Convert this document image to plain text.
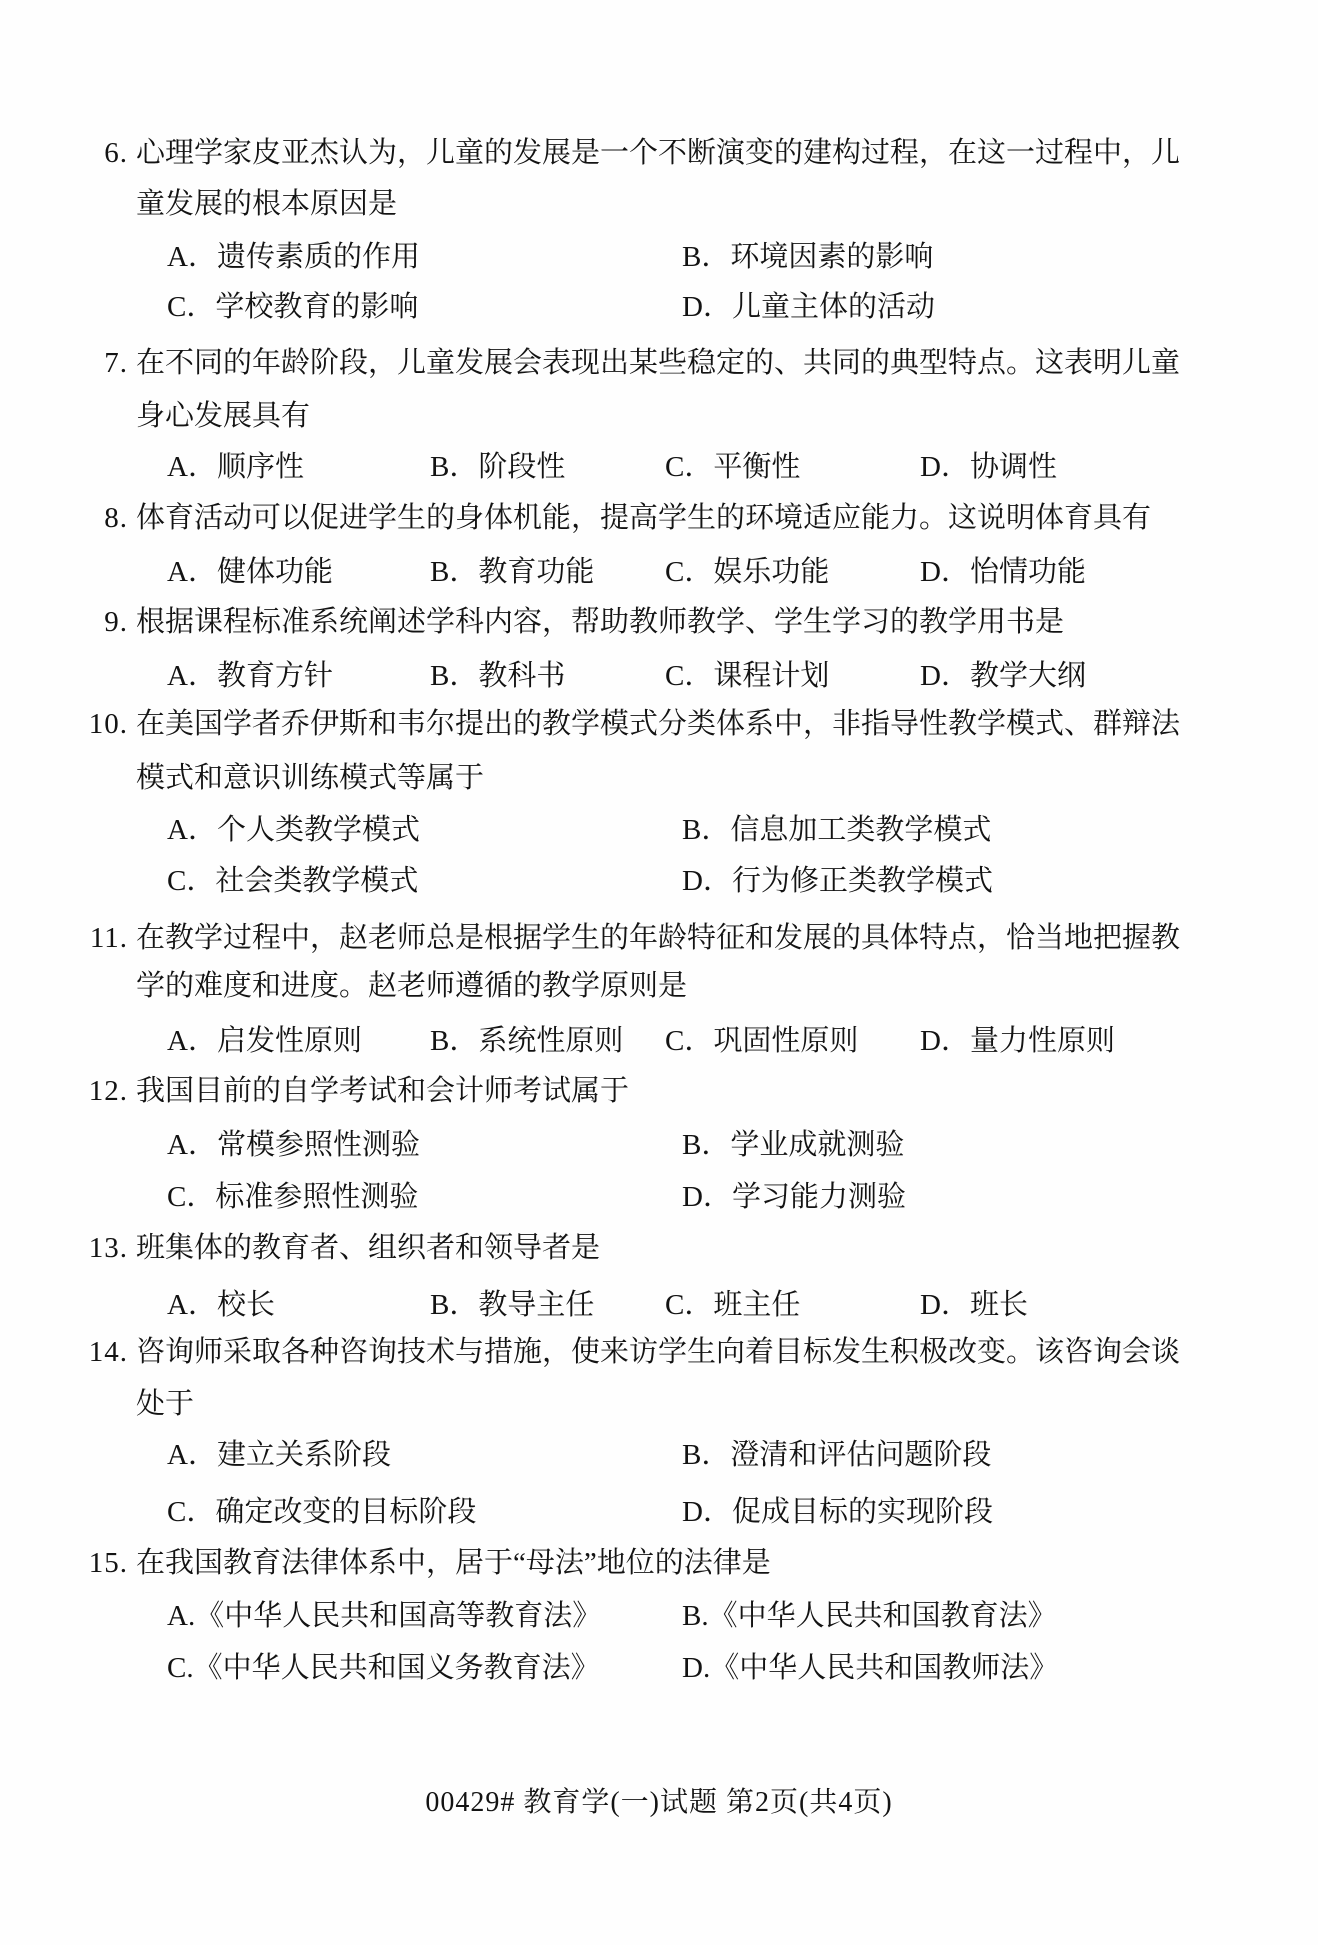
6. 心理学家皮亚杰认为，儿童的发展是一个不断演变的建构过程，在这一过程中，儿
童发展的根本原因是
A．遗传素质的作用	B．环境因素的影响
C．学校教育的影响	D．儿童主体的活动
7. 在不同的年龄阶段，儿童发展会表现出某些稳定的、共同的典型特点。这表明儿童
身心发展具有
A．顺序性	B．阶段性	C．平衡性	D．协调性
8. 体育活动可以促进学生的身体机能，提高学生的环境适应能力。这说明体育具有
A．健体功能	B．教育功能 C．娱乐功能	D．怡情功能
9. 根据课程标准系统阐述学科内容，帮助教师教学、学生学习的教学用书是
A．教育方针	B．教科书	C．课程计划	D．教学大纲
10. 在美国学者乔伊斯和韦尔提出的教学模式分类体系中，非指导性教学模式、群辩法
模式和意识训练模式等属于
A．个人类教学模式	B．信息加工类教学模式
C．社会类教学模式	D．行为修正类教学模式
11. 在教学过程中，赵老师总是根据学生的年龄特征和发展的具体特点，恰当地把握教
学的难度和进度。赵老师遵循的教学原则是
A．启发性原则 B．系统性原则 C．巩固性原则 D．量力性原则
12. 我国目前的自学考试和会计师考试属于
A．常模参照性测验	B．学业成就测验
C．标准参照性测验	D．学习能力测验
13. 班集体的教育者、组织者和领导者是
A．校长	B．教导主任 C．班主任	D．班长
14. 咨询师采取各种咨询技术与措施，使来访学生向着目标发生积极改变。该咨询会谈
处于
A．建立关系阶段	B．澄清和评估问题阶段
C．确定改变的目标阶段	D．促成目标的实现阶段
15. 在我国教育法律体系中，居于“母法”地位的法律是
A.《中华人民共和国高等教育法》	B.《中华人民共和国教育法》
C.《中华人民共和国义务教育法》	D.《中华人民共和国教师法》
00429# 教育学(一)试题 第2页(共4页)
